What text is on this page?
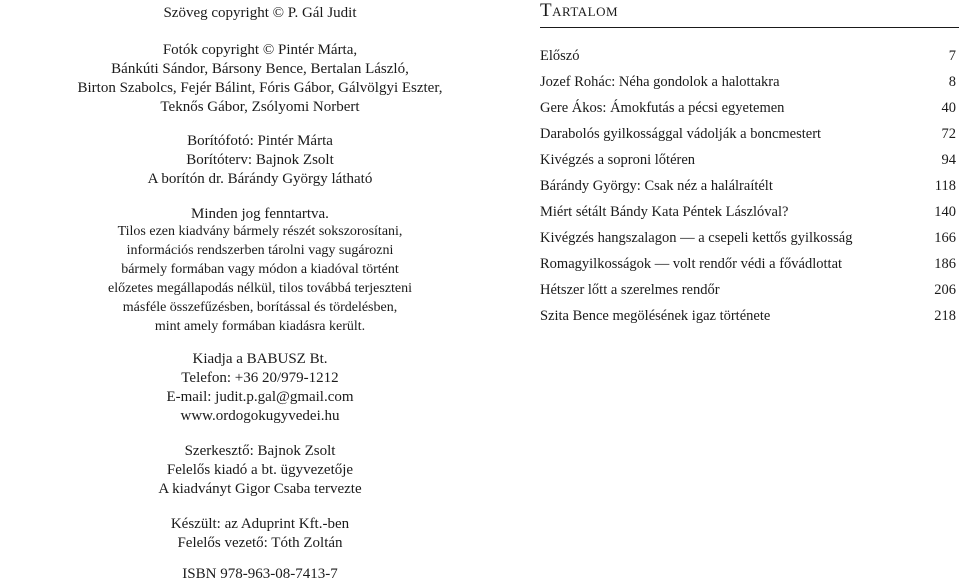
Szöveg copyright © P. Gál Judit
Fotók copyright © Pintér Márta,
Bánkúti Sándor, Bársony Bence, Bertalan László,
Birton Szabolcs, Fejér Bálint, Fóris Gábor, Gálvölgyi Eszter,
Teknős Gábor, Zsólyomi Norbert
Borítófotó: Pintér Márta
Borítóterv: Bajnok Zsolt
A borítón dr. Bárándy György látható
Minden jog fenntartva.
Tilos ezen kiadvány bármely részét sokszorosítani,
információs rendszerben tárolni vagy sugározni
bármely formában vagy módon a kiadóval történt
előzetes megállapodás nélkül, tilos továbbá terjeszteni
másféle összefűzésben, borítással és tördelésben,
mint amely formában kiadásra került.
Kiadja a BABUSZ Bt.
Telefon: +36 20/979-1212
E-mail: judit.p.gal@gmail.com
www.ordogokugyvedei.hu
Szerkesztő: Bajnok Zsolt
Felelős kiadó a bt. ügyvezetője
A kiadványt Gigor Csaba tervezte
Készült: az Aduprint Kft.-ben
Felelős vezető: Tóth Zoltán
ISBN 978-963-08-7413-7
Tartalom
Előszó	7
Jozef Rohác: Néha gondolok a halottakra	8
Gere Ákos: Ámokfutás a pécsi egyetemen	40
Darabolós gyilkossággal vádolják a boncmestert	72
Kivégzés a soproni lőtéren	94
Bárándy György: Csak néz a halálraítélt	118
Miért sétált Bándy Kata Péntek Lászlóval?	140
Kivégzés hangszalagon — a csepeli kettős gyilkosság	166
Romagyilkosságok — volt rendőr védi a fővádlottat	186
Hétszer lőtt a szerelmes rendőr	206
Szita Bence megölésének igaz története	218
